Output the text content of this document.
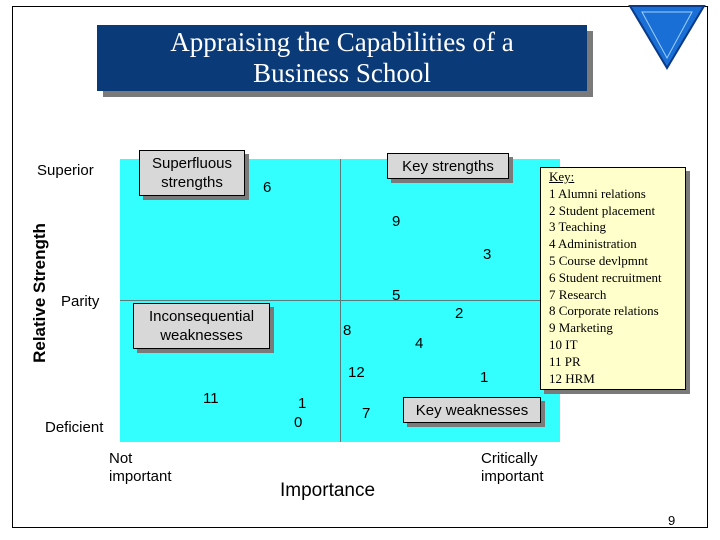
Appraising the Capabilities of a
Business School
Relative Strength
Superior
Parity
Deficient
Not
important
Critically
important
Importance
Superfluous
strengths
Key strengths
Inconsequential
weaknesses
Key weaknesses
6
9
3
5
2
8
4
12	1
11	1
0
7
Key:
1 Alumni relations
2 Student placement
3 Teaching
4 Administration
5 Course devlpmnt
6 Student recruitment
7 Research
8 Corporate relations
9 Marketing
10 IT
11 PR
12 HRM
9
